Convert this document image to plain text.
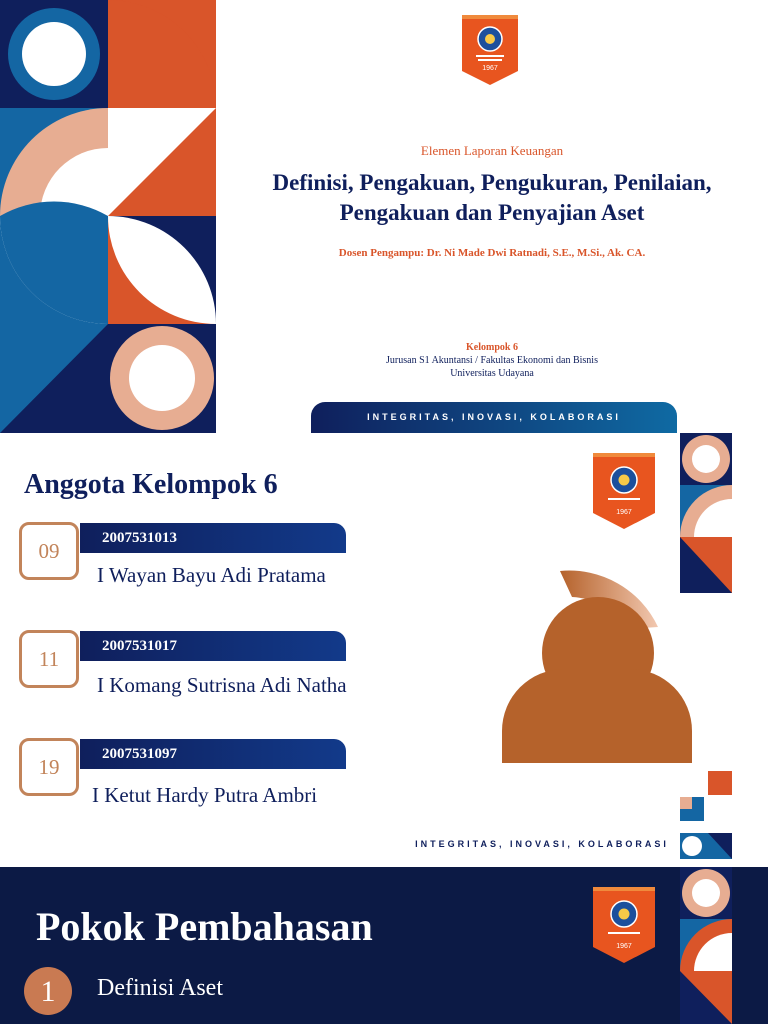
1967

Elemen Laporan Keuangan

Definisi, Pengakuan, Pengukuran, Penilaian,
Pengakuan dan Penyajian Aset

Dosen Pengampu: Dr. Ni Made Dwi Ratnadi, S.E., M.Si., Ak. CA.

Kelompok 6

Jurusan S1 Akuntansi / Fakultas Ekonomi dan Bisnis

Universitas Udayana

INTEGRITAS, INOVASI, KOLABORASI

Anggota Kelompok 6

2007531013
09
I Wayan Bayu Adi Pratama
2007531017
11
I Komang Sutrisna Adi Natha
2007531097
19
I Ketut Hardy Putra Ambri
1967
INTEGRITAS, INOVASI, KOLABORASI

Pokok Pembahasan

1	Definisi Aset
1967
